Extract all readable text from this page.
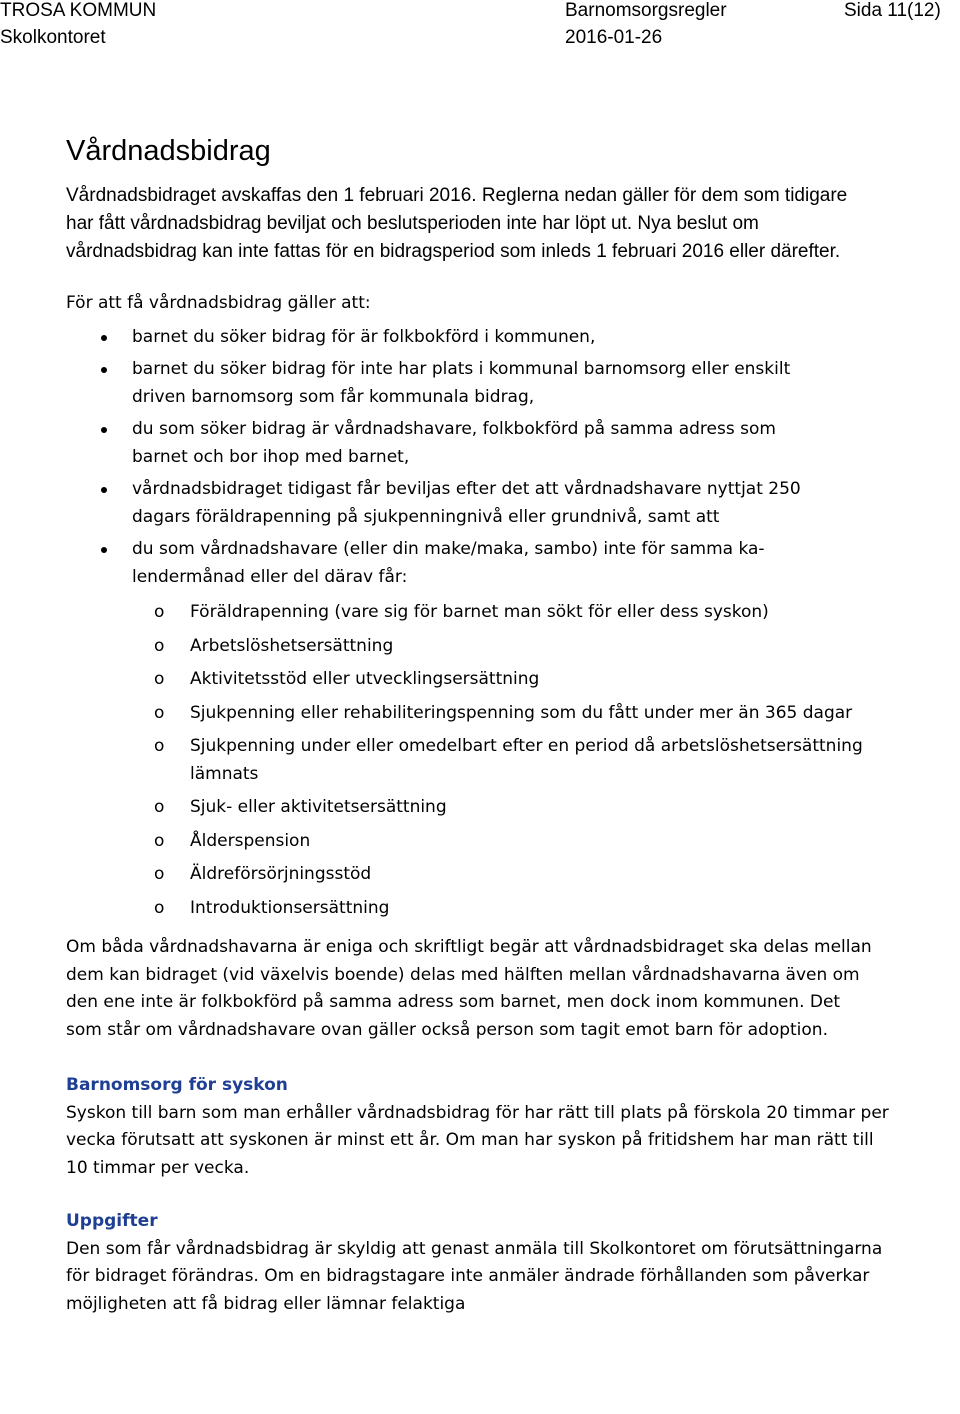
TROSA KOMMUN
Skolkontoret
Barnomsorgsregler
2016-01-26
Sida 11(12)
Vårdnadsbidrag

Vårdnadsbidraget avskaffas den 1 februari 2016. Reglerna nedan gäller för dem som tidigare har fått vårdnadsbidrag beviljat och beslutsperioden inte har löpt ut. Nya beslut om vårdnadsbidrag kan inte fattas för en bidragsperiod som inleds 1 februari 2016 eller därefter.

För att få vårdnadsbidrag gäller att:

barnet du söker bidrag för är folkbokförd i kommunen,
barnet du söker bidrag för inte har plats i kommunal barnomsorg eller enskilt driven barnomsorg som får kommunala bidrag,
du som söker bidrag är vårdnadshavare, folkbokförd på samma adress som barnet och bor ihop med barnet,
vårdnadsbidraget tidigast får beviljas efter det att vårdnadshavare nyttjat 250 dagars föräldrapenning på sjukpenningnivå eller grundnivå, samt att
du som vårdnadshavare (eller din make/maka, sambo) inte för samma kalendermånad eller del därav får:
o Föräldrapenning (vare sig för barnet man sökt för eller dess syskon)
o Arbetslöshetsersättning
o Aktivitetsstöd eller utvecklingsersättning
o Sjukpenning eller rehabiliteringspenning som du fått under mer än 365 dagar
o Sjukpenning under eller omedelbart efter en period då arbetslöshetsersättning lämnats
o Sjuk- eller aktivitetsersättning
o Ålderspension
o Äldreförsörjningsstöd
o Introduktionsersättning

Om båda vårdnadshavarna är eniga och skriftligt begär att vårdnadsbidraget ska delas mellan dem kan bidraget (vid växelvis boende) delas med hälften mellan vårdnadshavarna även om den ene inte är folkbokförd på samma adress som barnet, men dock inom kommunen. Det som står om vårdnadshavare ovan gäller också person som tagit emot barn för adoption.

Barnomsorg för syskon

Syskon till barn som man erhåller vårdnadsbidrag för har rätt till plats på förskola 20 timmar per vecka förutsatt att syskonen är minst ett år. Om man har syskon på fritidshem har man rätt till 10 timmar per vecka.

Uppgifter

Den som får vårdnadsbidrag är skyldig att genast anmäla till Skolkontoret om förutsättningarna för bidraget förändras. Om en bidragstagare inte anmäler ändrade förhållanden som påverkar möjligheten att få bidrag eller lämnar felaktiga
